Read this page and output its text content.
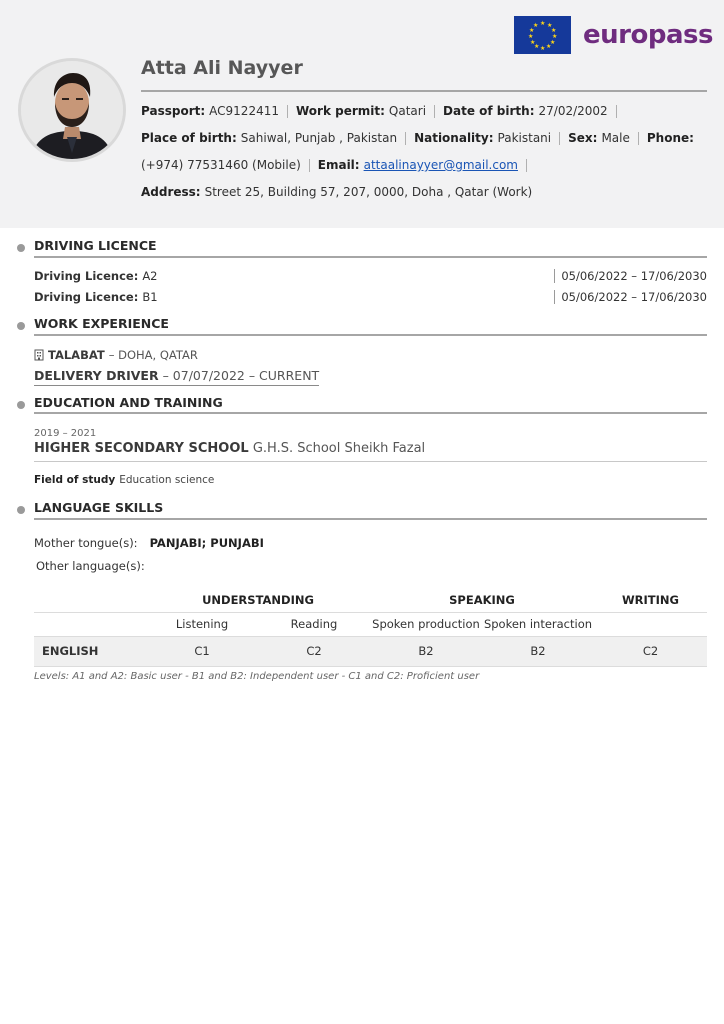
★ ★
★
★
★
★
★
★
★
★
★
★ europass
Atta Ali Nayyer
Passport: AC9122411 Work permit: Qatari Date of birth: 27/02/2002
Place of birth: Sahiwal, Punjab , Pakistan Nationality: Pakistani Sex: Male Phone:
(+974) 77531460 (Mobile) Email: attaalinayyer@gmail.com
Address: Street 25, Building 57, 207, 0000, Doha , Qatar (Work)
DRIVING LICENCE
Driving Licence: A2	05/06/2022 – 17/06/2030
Driving Licence: B1	05/06/2022 – 17/06/2030
WORK EXPERIENCE
TALABAT – DOHA, QATAR
DELIVERY DRIVER – 07/07/2022 – CURRENT
EDUCATION AND TRAINING
2019 – 2021
HIGHER SECONDARY SCHOOL G.H.S. School Sheikh Fazal
Field of study Education science
LANGUAGE SKILLS
Mother tongue(s): PANJABI; PUNJABI
Other language(s):
	UNDERSTANDING		SPEAKING		WRITING
	Listening	Reading	Spoken production	Spoken interaction	
ENGLISH	C1	C2	B2	B2	C2
Levels: A1 and A2: Basic user - B1 and B2: Independent user - C1 and C2: Proficient user
